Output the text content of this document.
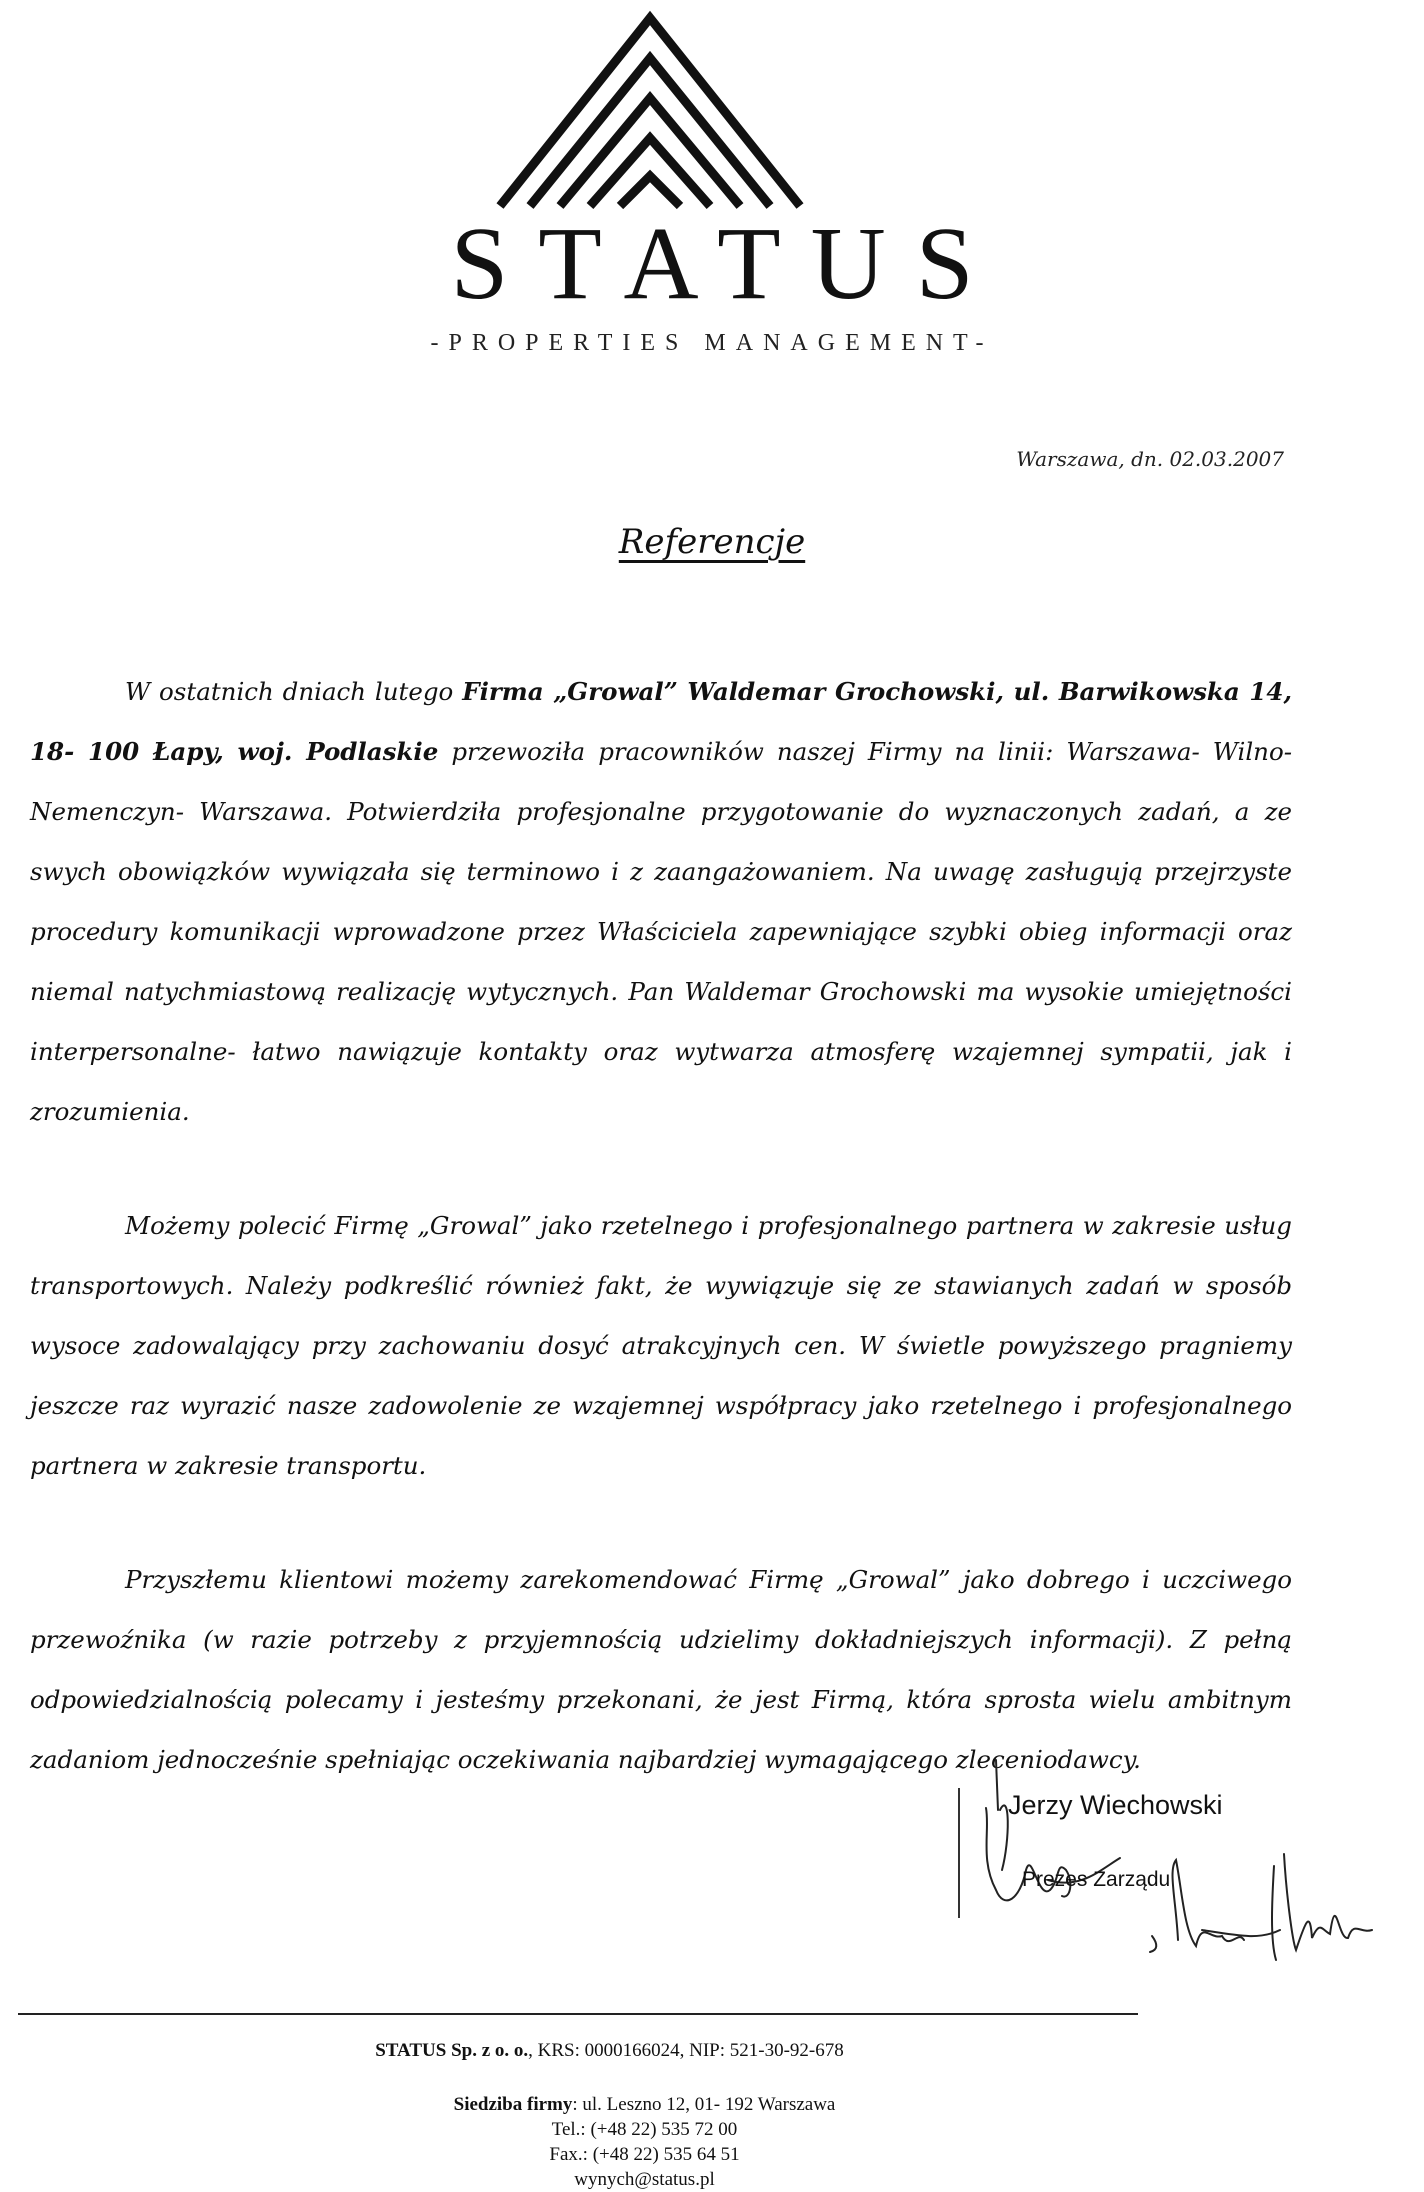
STATUS
-PROPERTIES MANAGEMENT-
Warszawa, dn. 02.03.2007
Referencje

W ostatnich dniach lutego Firma „Growal” Waldemar Grochowski, ul. Barwikowska 14, 18- 100 Łapy, woj. Podlaskie przewoziła pracowników naszej Firmy na linii: Warszawa- Wilno- Nemenczyn- Warszawa. Potwierdziła profesjonalne przygotowanie do wyznaczonych zadań, a ze swych obowiązków wywiązała się terminowo i z zaangażowaniem. Na uwagę zasługują przejrzyste procedury komunikacji wprowadzone przez Właściciela zapewniające szybki obieg informacji oraz niemal natychmiastową realizację wytycznych. Pan Waldemar Grochowski ma wysokie umiejętności interpersonalne- łatwo nawiązuje kontakty oraz wytwarza atmosferę wzajemnej sympatii, jak i zrozumienia.

Możemy polecić Firmę „Growal” jako rzetelnego i profesjonalnego partnera w zakresie usług transportowych. Należy podkreślić również fakt, że wywiązuje się ze stawianych zadań w sposób wysoce zadowalający przy zachowaniu dosyć atrakcyjnych cen. W świetle powyższego pragniemy jeszcze raz wyrazić nasze zadowolenie ze wzajemnej współpracy jako rzetelnego i profesjonalnego partnera w zakresie transportu.

Przyszłemu klientowi możemy zarekomendować Firmę „Growal” jako dobrego i uczciwego przewoźnika (w razie potrzeby z przyjemnością udzielimy dokładniejszych informacji). Z pełną odpowiedzialnością polecamy i jesteśmy przekonani, że jest Firmą, która sprosta wielu ambitnym zadaniom jednocześnie spełniając oczekiwania najbardziej wymagającego zleceniodawcy.

Jerzy Wiechowski
Prezes Zarządu
STATUS Sp. z o. o., KRS: 0000166024, NIP: 521-30-92-678
Siedziba firmy: ul. Leszno 12, 01- 192 Warszawa
Tel.: (+48 22) 535 72 00
Fax.: (+48 22) 535 64 51
wynych@status.pl
